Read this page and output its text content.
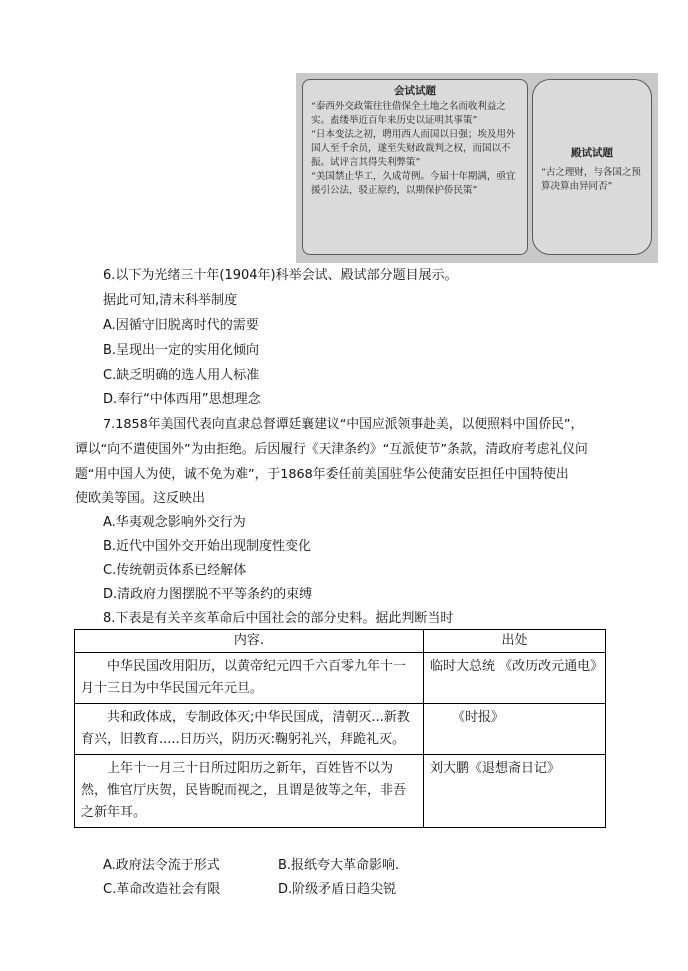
会试试题

“泰西外交政策往往借保全土地之名而收利益之实。盍缕举近百年来历史以证明其事策”

“日本变法之初，聘用西人而国以日强；埃及用外国人至千余员，遂至失财政裁判之权，而国以不振。试评言其得失利弊策”

“美国禁止华工，久成苛例。今届十年期满，亟宜援引公法，驳正原约，以期保护侨民策”

殿试试题

“古之理财，与各国之预算决算由异同否”

6.以下为光绪三十年(1904年)科举会试、殿试部分题目展示。
据此可知,清末科举制度
A.因循守旧脱离时代的需要
B.呈现出一定的实用化倾向
C.缺乏明确的选人用人标准
D.奉行“中体西用”思想理念
7.1858年美国代表向直隶总督谭廷襄建议“中国应派领事赴美，以便照料中国侨民”，
谭以“向不遣使国外”为由拒绝。后因履行《天津条约》“互派使节”条款，清政府考虑礼仪问
题“用中国人为使，诚不免为难”，于1868年委任前美国驻华公使蒲安臣担任中国特使出
使欧美等国。这反映出
A.华夷观念影响外交行为
B.近代中国外交开始出现制度性变化
C.传统朝贡体系已经解体
D.清政府力图摆脱不平等条约的束缚
8.下表是有关辛亥革命后中国社会的部分史料。据此判断当时
内容.	出处
中华民国改用阳历，以黄帝纪元四千六百零九年十一月十三日为中华民国元年元旦。	临时大总统 《改历改元通电》
共和政体成，专制政体灭;中华民国成，清朝灭...新教育兴，旧教育.....日历兴，阴历灭:鞠躬礼兴，拜跪礼灭。	《时报》
上年十一月三十日所过阳历之新年，百姓皆不以为然，惟官厅庆贺，民皆睨而视之，且谓是彼等之年，非吾之新年耳。	刘大鹏《退想斋日记》
A.政府法令流于形式	B.报纸夸大革命影响.
C.革命改造社会有限	D.阶级矛盾日趋尖锐
